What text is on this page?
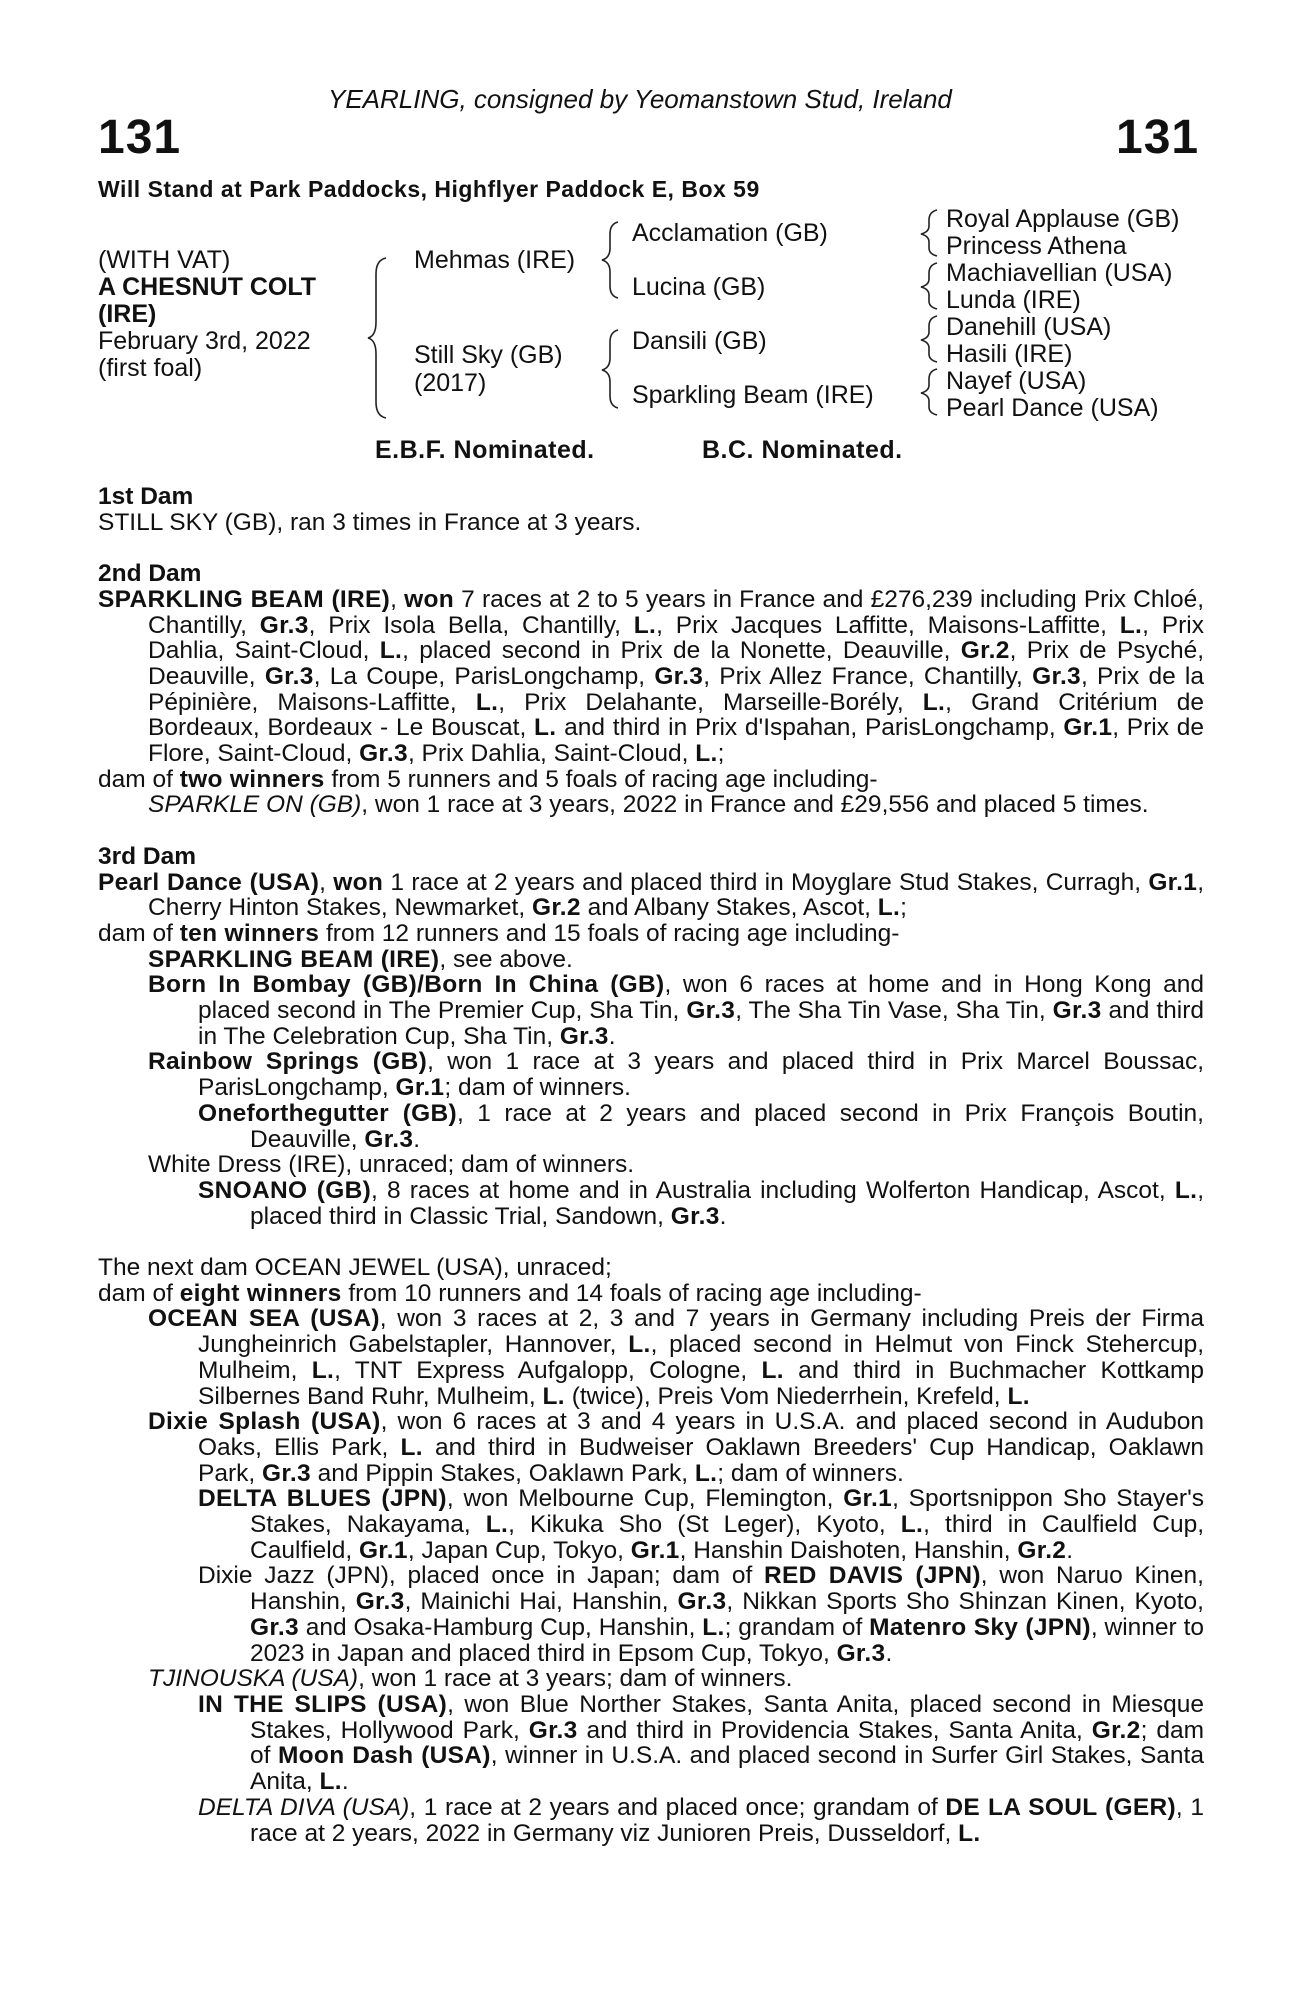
YEARLING, consigned by Yeomanstown Stud, Ireland
131	131
Will Stand at Park Paddocks, Highflyer Paddock E, Box 59
(WITH VAT)
A CHESNUT COLT
(IRE)
February 3rd, 2022
(first foal)
Mehmas (IRE)
Still Sky (GB)
(2017)
Acclamation (GB)
Lucina (GB)
Dansili (GB)
Sparkling Beam (IRE)
Royal Applause (GB)
Princess Athena
Machiavellian (USA)
Lunda (IRE)
Danehill (USA)
Hasili (IRE)
Nayef (USA)
Pearl Dance (USA)
E.B.F. Nominated.	B.C. Nominated.
1st Dam
STILL SKY (GB), ran 3 times in France at 3 years.
2nd Dam
SPARKLING BEAM (IRE), won 7 races at 2 to 5 years in France and £276,239 including Prix Chloé, Chantilly, Gr.3, Prix Isola Bella, Chantilly, L., Prix Jacques Laffitte, Maisons-Laffitte, L., Prix Dahlia, Saint-Cloud, L., placed second in Prix de la Nonette, Deauville, Gr.2, Prix de Psyché, Deauville, Gr.3, La Coupe, ParisLongchamp, Gr.3, Prix Allez France, Chantilly, Gr.3, Prix de la Pépinière, Maisons-Laffitte, L., Prix Delahante, Marseille-Borély, L., Grand Critérium de Bordeaux, Bordeaux - Le Bouscat, L. and third in Prix d'Ispahan, ParisLongchamp, Gr.1, Prix de Flore, Saint-Cloud, Gr.3, Prix Dahlia, Saint-Cloud, L.;
dam of two winners from 5 runners and 5 foals of racing age including-
SPARKLE ON (GB), won 1 race at 3 years, 2022 in France and £29,556 and placed 5 times.
3rd Dam
Pearl Dance (USA), won 1 race at 2 years and placed third in Moyglare Stud Stakes, Curragh, Gr.1, Cherry Hinton Stakes, Newmarket, Gr.2 and Albany Stakes, Ascot, L.;
dam of ten winners from 12 runners and 15 foals of racing age including-
SPARKLING BEAM (IRE), see above.
Born In Bombay (GB)/Born In China (GB), won 6 races at home and in Hong Kong and placed second in The Premier Cup, Sha Tin, Gr.3, The Sha Tin Vase, Sha Tin, Gr.3 and third in The Celebration Cup, Sha Tin, Gr.3.
Rainbow Springs (GB), won 1 race at 3 years and placed third in Prix Marcel Boussac, ParisLongchamp, Gr.1; dam of winners.
Oneforthegutter (GB), 1 race at 2 years and placed second in Prix François Boutin, Deauville, Gr.3.
White Dress (IRE), unraced; dam of winners.
SNOANO (GB), 8 races at home and in Australia including Wolferton Handicap, Ascot, L., placed third in Classic Trial, Sandown, Gr.3.
The next dam OCEAN JEWEL (USA), unraced;
dam of eight winners from 10 runners and 14 foals of racing age including-
OCEAN SEA (USA), won 3 races at 2, 3 and 7 years in Germany including Preis der Firma Jungheinrich Gabelstapler, Hannover, L., placed second in Helmut von Finck Stehercup, Mulheim, L., TNT Express Aufgalopp, Cologne, L. and third in Buchmacher Kottkamp Silbernes Band Ruhr, Mulheim, L. (twice), Preis Vom Niederrhein, Krefeld, L.
Dixie Splash (USA), won 6 races at 3 and 4 years in U.S.A. and placed second in Audubon Oaks, Ellis Park, L. and third in Budweiser Oaklawn Breeders' Cup Handicap, Oaklawn Park, Gr.3 and Pippin Stakes, Oaklawn Park, L.; dam of winners.
DELTA BLUES (JPN), won Melbourne Cup, Flemington, Gr.1, Sportsnippon Sho Stayer's Stakes, Nakayama, L., Kikuka Sho (St Leger), Kyoto, L., third in Caulfield Cup, Caulfield, Gr.1, Japan Cup, Tokyo, Gr.1, Hanshin Daishoten, Hanshin, Gr.2.
Dixie Jazz (JPN), placed once in Japan; dam of RED DAVIS (JPN), won Naruo Kinen, Hanshin, Gr.3, Mainichi Hai, Hanshin, Gr.3, Nikkan Sports Sho Shinzan Kinen, Kyoto, Gr.3 and Osaka-Hamburg Cup, Hanshin, L.; grandam of Matenro Sky (JPN), winner to 2023 in Japan and placed third in Epsom Cup, Tokyo, Gr.3.
TJINOUSKA (USA), won 1 race at 3 years; dam of winners.
IN THE SLIPS (USA), won Blue Norther Stakes, Santa Anita, placed second in Miesque Stakes, Hollywood Park, Gr.3 and third in Providencia Stakes, Santa Anita, Gr.2; dam of Moon Dash (USA), winner in U.S.A. and placed second in Surfer Girl Stakes, Santa Anita, L..
DELTA DIVA (USA), 1 race at 2 years and placed once; grandam of DE LA SOUL (GER), 1 race at 2 years, 2022 in Germany viz Junioren Preis, Dusseldorf, L.
